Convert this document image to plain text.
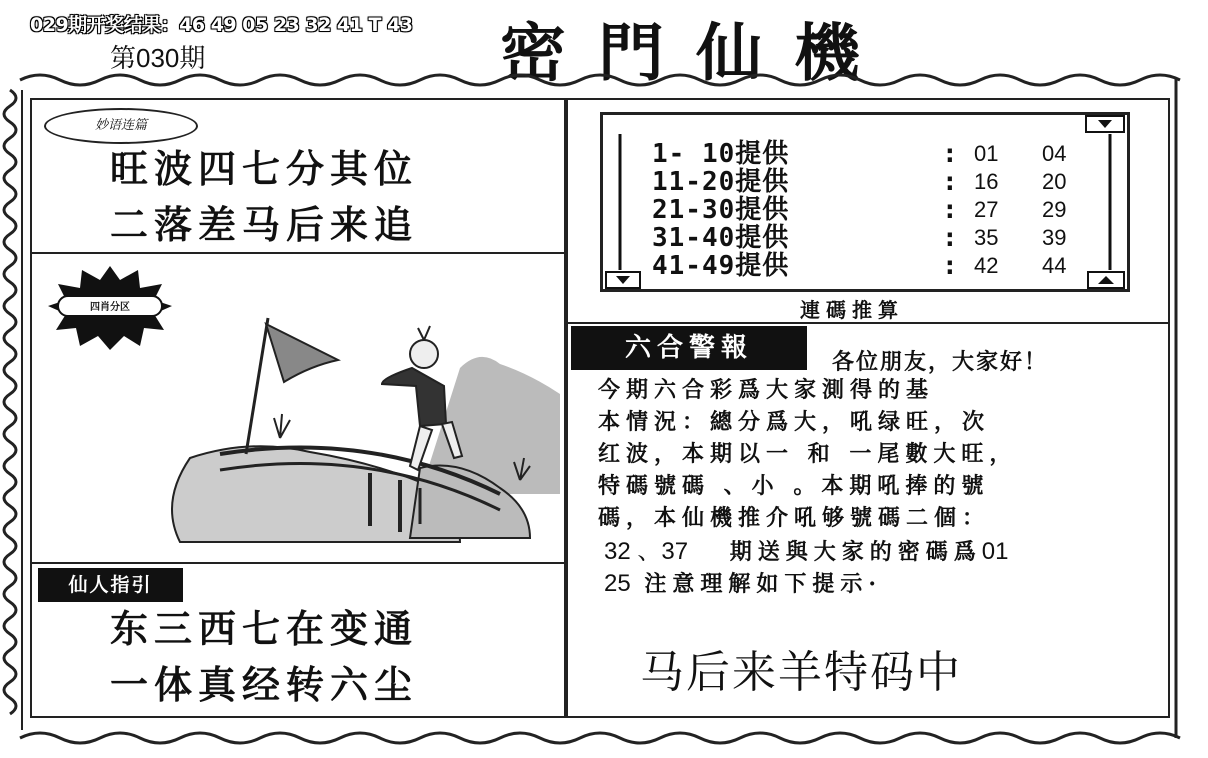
029期开奖结果：46 49 05 23 32 41 T 43
第030期	密門仙機
妙语连篇
旺波四七分其位
二落差马后来追
四肖分区
仙人指引
东三西七在变通
一体真经转六尘
1- 10提供	: 01 04
11-20提供	: 16 20
21-30提供	: 27 29
31-40提供	: 35 39
41-49提供	: 42 44
連碼推算
六合警報	各位朋友，大家好！
今期六合彩爲大家測得的基
本情況：總分爲大，吼绿旺，次
红波，本期以一 和 一尾數大旺，
特碼號碼 、小 。本期吼捧的號
碼，本仙機推介吼够號碼二個：
32 、37 期送與大家的密碼爲01
25 注意理解如下提示·
马后来羊特码中
